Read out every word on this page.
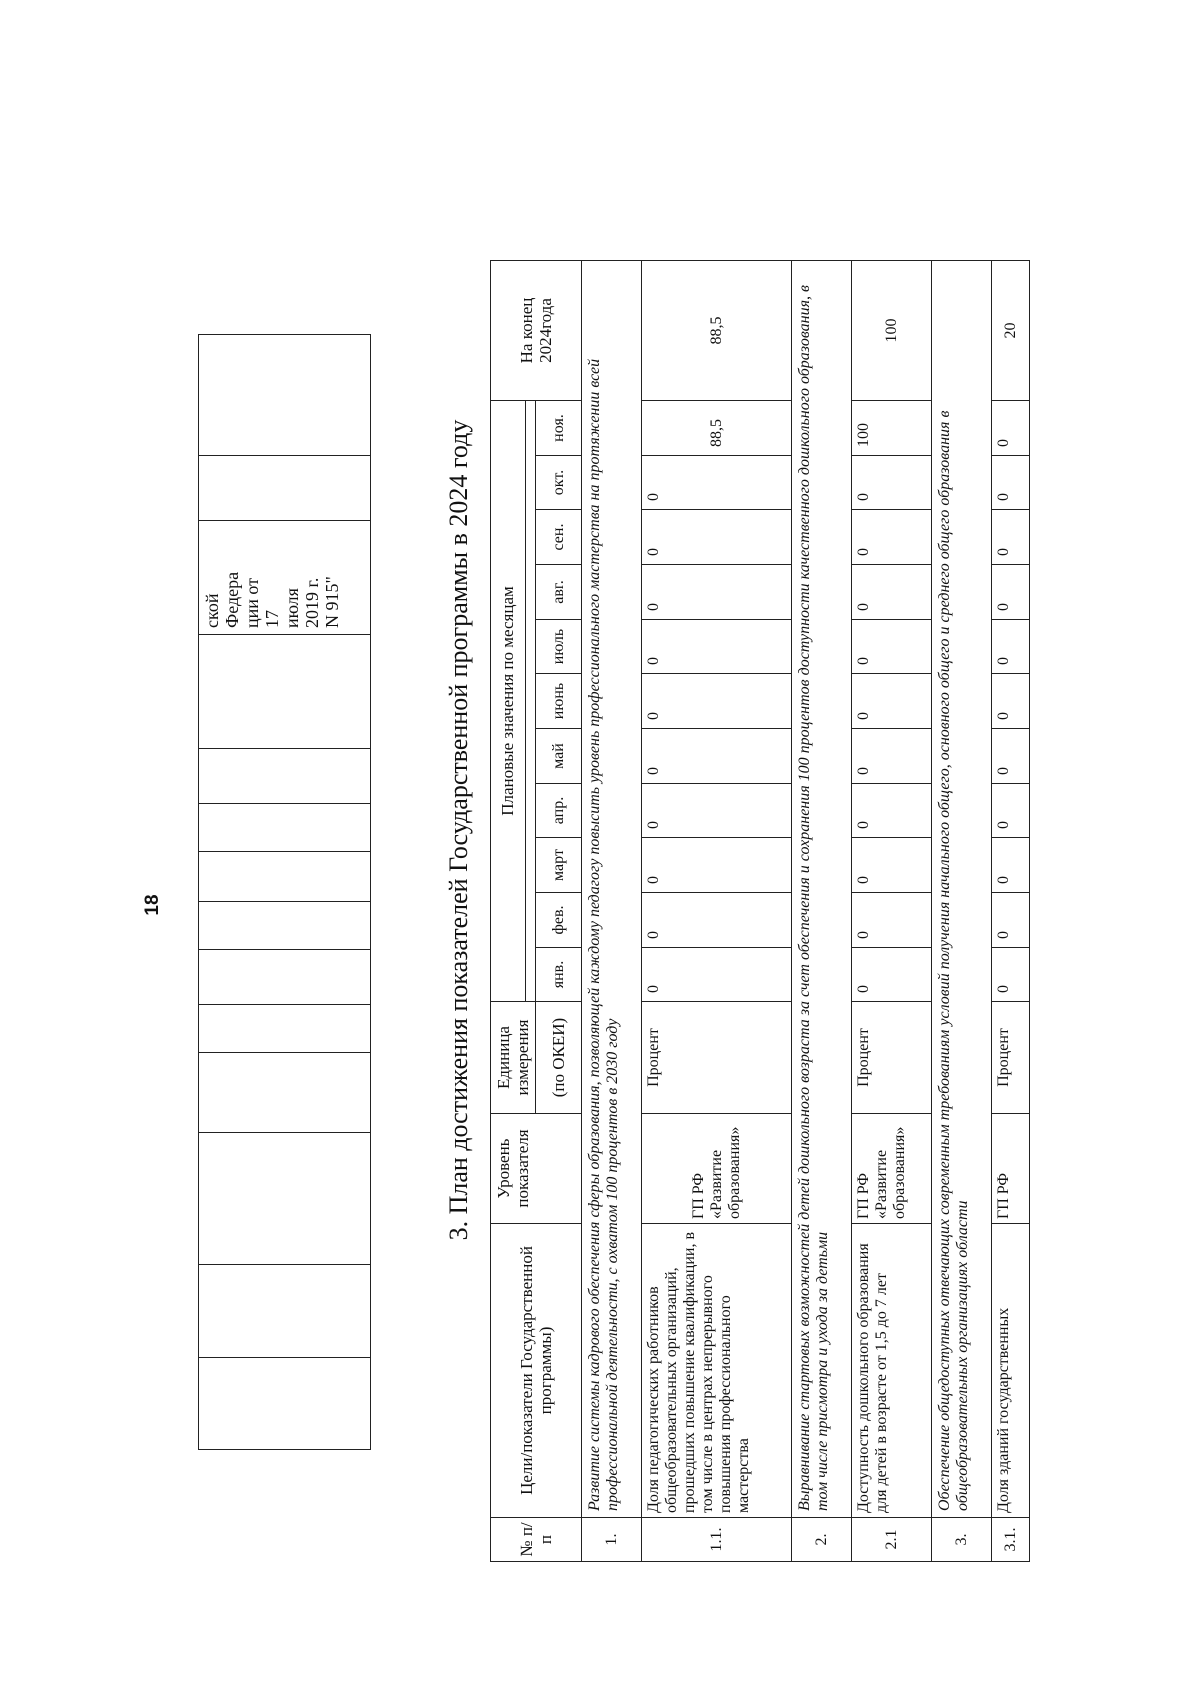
18

ской Федера ции от 17 июля 2019 г. N 915"
			3. План достижения показателей Государственной программы в 2024 году
№ п/п	Цели/показатели Государственной программы)	Уровень показателя	Единица измерения	Плановые значения по месяцам											На конец 2024года

			(по ОКЕИ)	янв.	фев.	март	апр.	май	июнь	июль	авг.	сен.	окт.	ноя.	
1.	Развитие системы кадрового обеспечения сферы образования, позволяющей каждому педагогу повысить уровень профессионального мастерства на протяжении всей профессиональной деятельности, с охватом 100 процентов в 2030 году														
1.1.	Доля педагогических работников общеобразовательных организаций, прошедших повышение квалификации, в том числе в центрах непрерывного повышения профессионального мастерства	ГП РФ «Развитие образования»	Процент	0	0	0	0	0	0	0	0	0	0	88,5	88,5
2.	Выравнивание стартовых возможностей детей дошкольного возраста за счет обеспечения и сохранения 100 процентов доступности качественного дошкольного образования, в том числе присмотра и ухода за детьми														
2.1	Доступность дошкольного образования для детей в возрасте от 1,5 до 7 лет	ГП РФ «Развитие образования»	Процент	0	0	0	0	0	0	0	0	0	0	100	100
3.	Обеспечение общедоступных отвечающих современным требованиям условий получения начального общего, основного общего и среднего общего образования в общеобразовательных организациях области														
3.1.	Доля зданий государственных	ГП РФ	Процент	0	0	0	0	0	0	0	0	0	0	0	20
